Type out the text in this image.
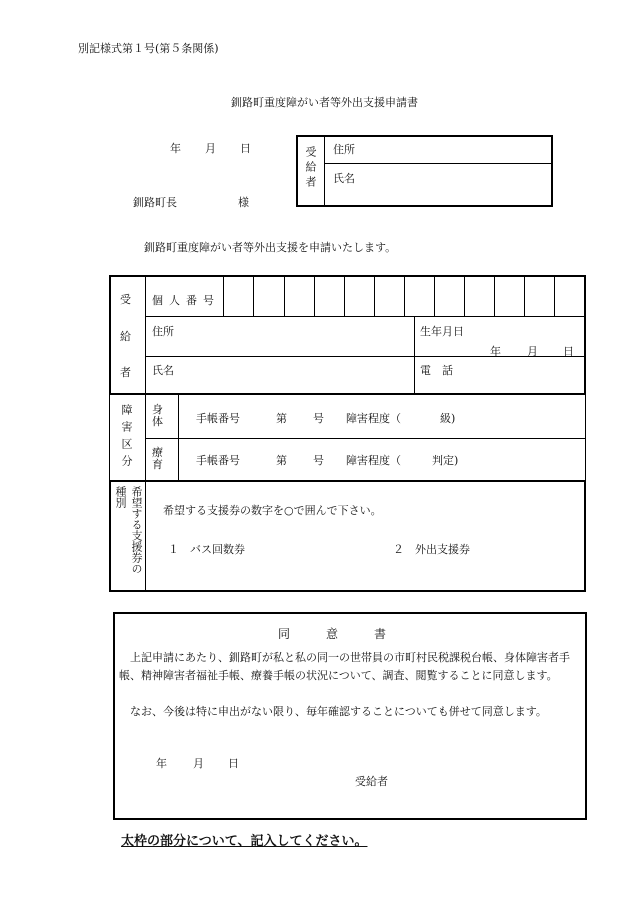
別記様式第１号(第５条関係)
釧路町重度障がい者等外出支援申請書
年 月 日
釧路町長	様
受給者 住所
氏名
釧路町重度障がい者等外出支援を申請いたします。
受
給
者
個人番号
住所	生年月日
年 月 日
氏名	電　話
障害区分 身体	手帳番号	第 号 障害程度（	級)
療育	手帳番号	第 号 障害程度（	判定)
希望する支援券の
種別
希望する支援券の数字を○で囲んで下さい。
１　バス回数券	２　外出支援券
同　　　意　　　書
上記申請にあたり、釧路町が私と私の同一の世帯員の市町村民税課税台帳、身体障害者手帳、精神障害者福祉手帳、療養手帳の状況について、調査、閲覧することに同意します。
なお、今後は特に申出がない限り、毎年確認することについても併せて同意します。
年 月 日
受給者
太枠の部分について、記入してください。
